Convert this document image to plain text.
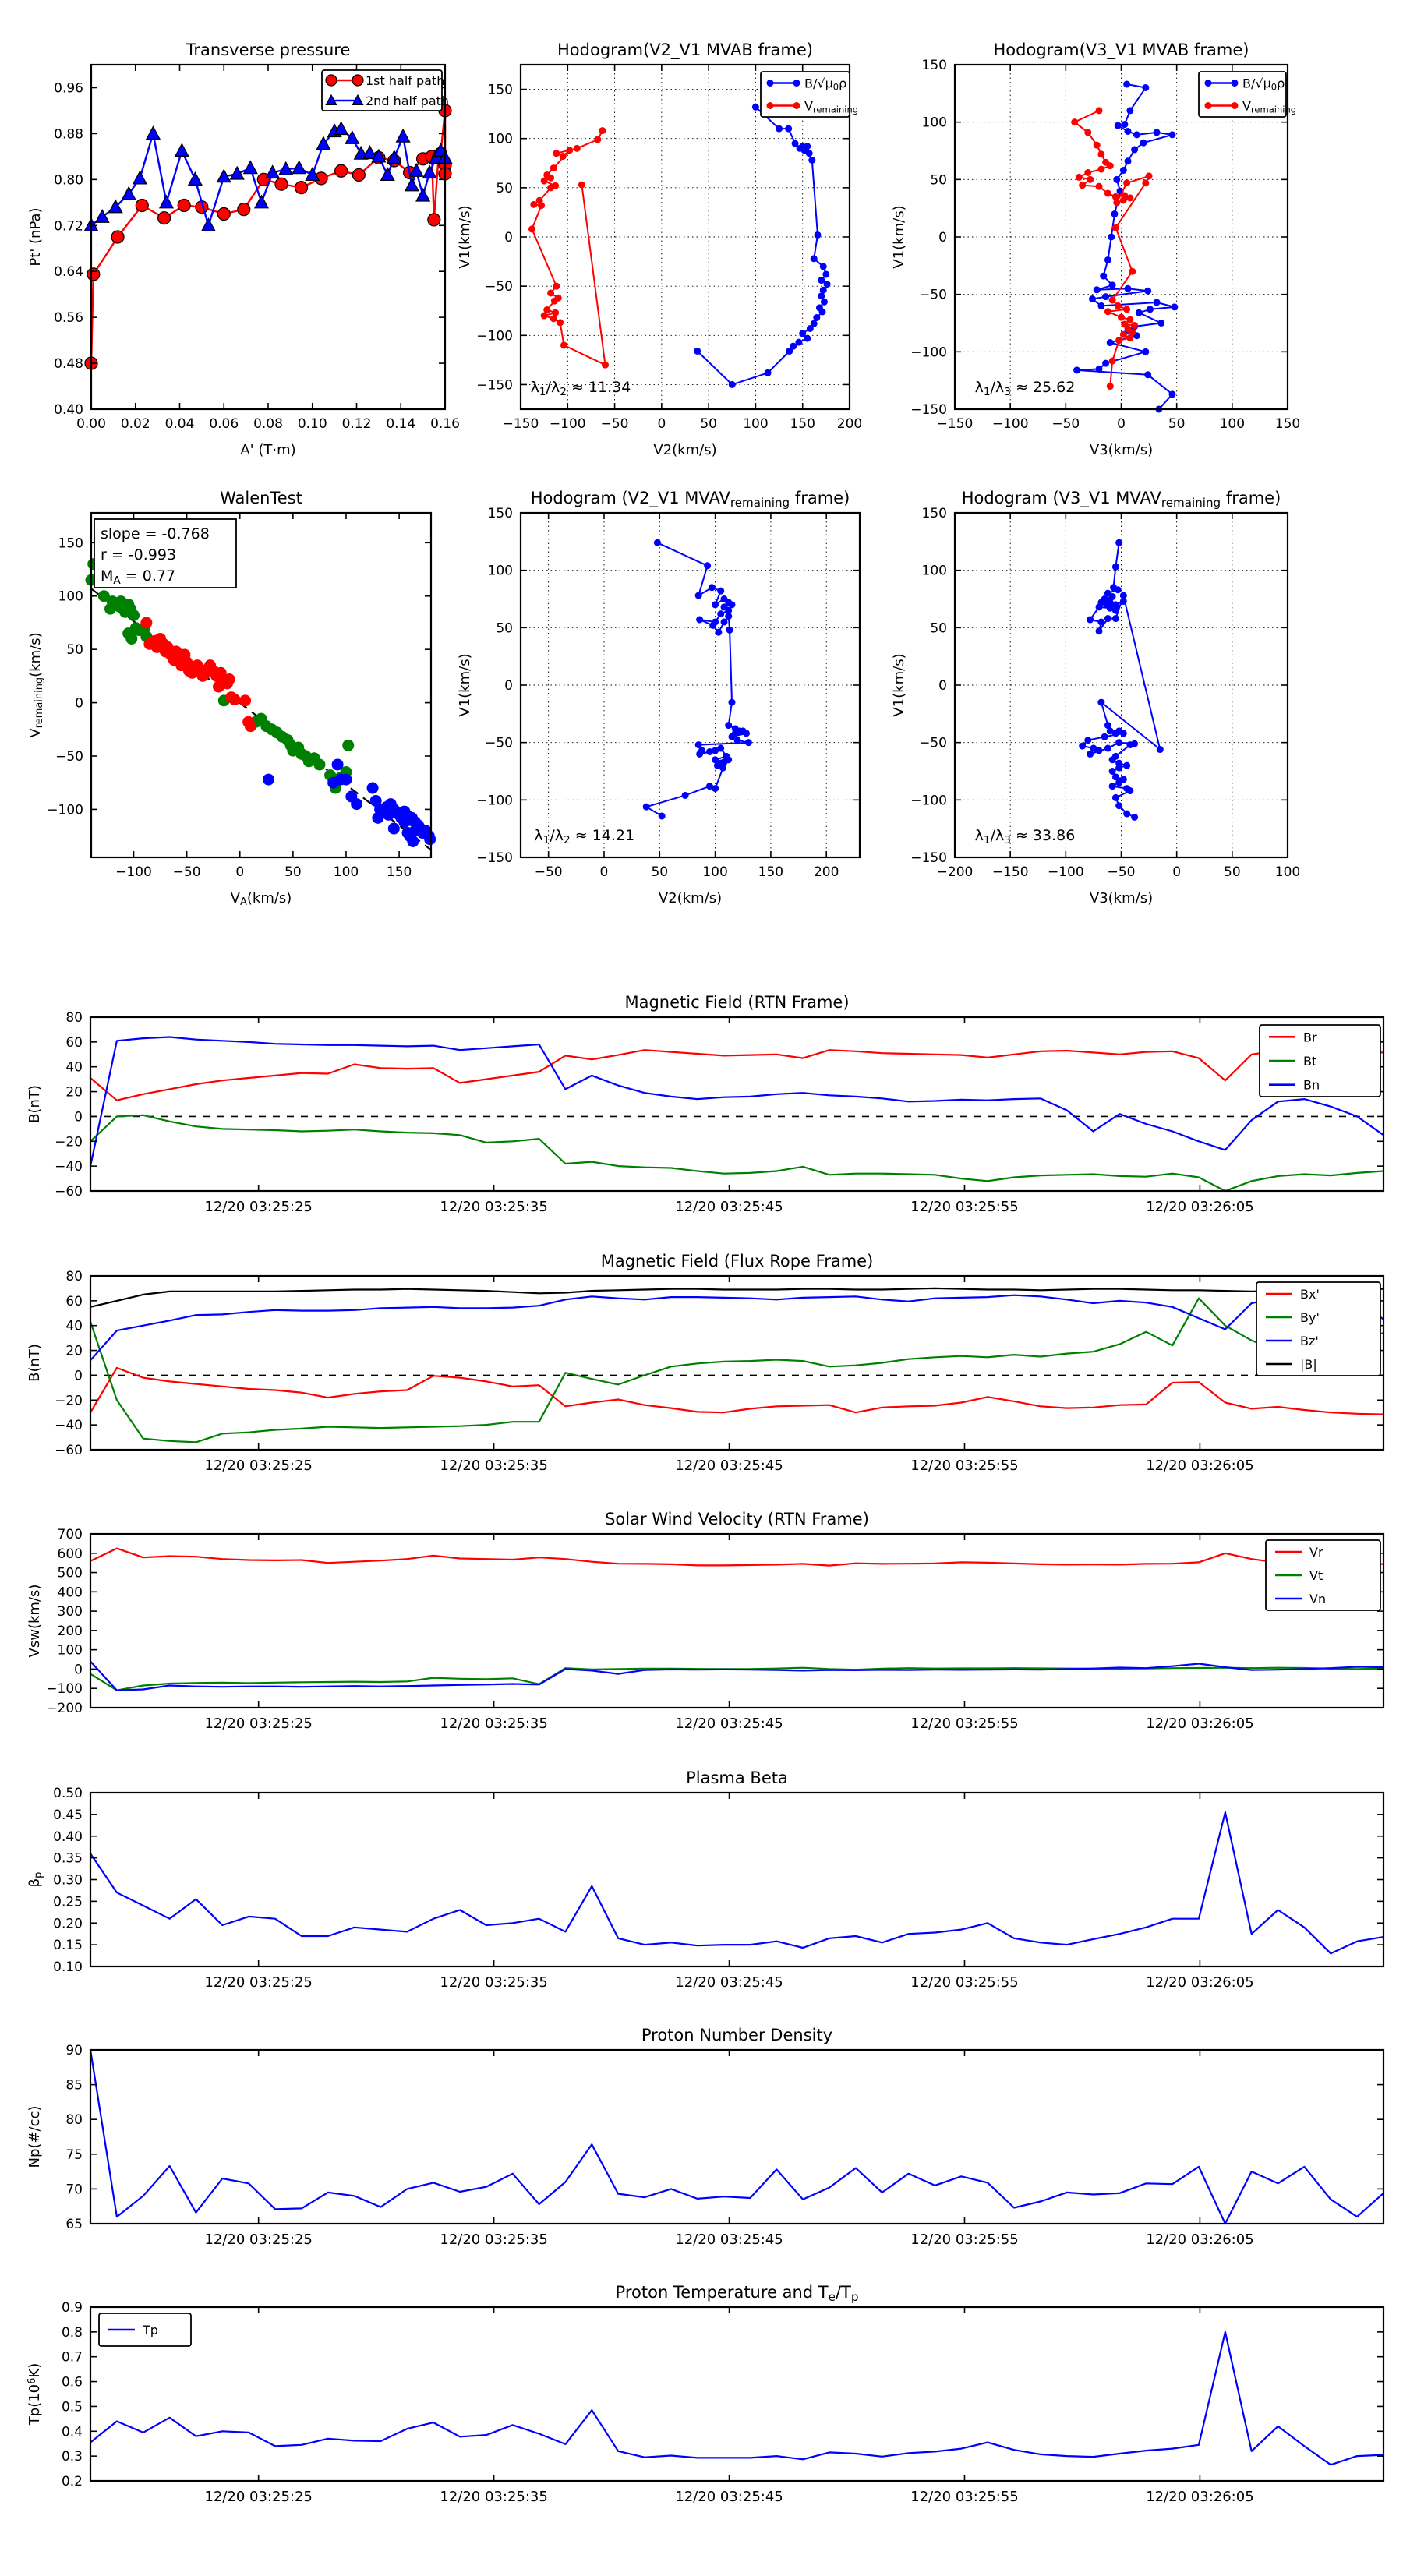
0.00 0.02 0.04 0.06 0.08 0.10 0.12 0.14 0.16
0.40
0.48
0.56
0.64
0.72
0.80
0.88
0.96
Transverse pressure
A' (T·m)
Pt' (nPa)
1st half path
2nd half path
−150 −100 −50 0	50 100 150 200
−150
−100
−50
0
50
100
150
Hodogram(V2_V1 MVAB frame)
V2(km/s)
V1(km/s)
λ1/λ2 ≈ 11.34
B/√μ0ρ
Vremaining
−150 −100 −50	0	50	100 150
−150
−100
−50
0
50
100
150
Hodogram(V3_V1 MVAB frame)
V3(km/s)
V1(km/s)
λ1/λ3 ≈ 25.62
B/√μ0ρ
Vremaining
−100 −50	0	50 100 150
−100
−50
0
50
100
150
WalenTest
VA(km/s)
Vremaining(km/s)
slope = -0.768
r = -0.993
MA = 0.77
−50	0	50	100 150 200
−150
−100
−50
0
50
100
150
Hodogram (V2_V1 MVAVremaining frame)
V2(km/s)
V1(km/s)
λ1/λ2 ≈ 14.21
−200 −150 −100 −50	0	50	100
−150
−100
−50
0
50
100
150
Hodogram (V3_V1 MVAVremaining frame)
V3(km/s)
V1(km/s)
λ1/λ3 ≈ 33.86
−60
−40
−20
0
20
40
60
80
12/20 03:25:25	12/20 03:25:35	12/20 03:25:45	12/20 03:25:55	12/20 03:26:05
Magnetic Field (RTN Frame)
B(nT)
Br
Bt
Bn
−60
−40
−20
0
20
40
60
80
12/20 03:25:25	12/20 03:25:35	12/20 03:25:45	12/20 03:25:55	12/20 03:26:05
Magnetic Field (Flux Rope Frame)
B(nT)
Bx'
By'
Bz'
|B|
−200
−100
0
100
200
300
400
500
600
700
12/20 03:25:25	12/20 03:25:35	12/20 03:25:45	12/20 03:25:55	12/20 03:26:05
Solar Wind Velocity (RTN Frame)
Vsw(km/s)
Vr
Vt
Vn
0.10
0.15
0.20
0.25
0.30
0.35
0.40
0.45
0.50
12/20 03:25:25	12/20 03:25:35	12/20 03:25:45	12/20 03:25:55	12/20 03:26:05
Plasma Beta
βp
65
70
75
80
85
90
12/20 03:25:25	12/20 03:25:35	12/20 03:25:45	12/20 03:25:55	12/20 03:26:05
Proton Number Density
Np(#/cc)
0.2
0.3
0.4
0.5
0.6
0.7
0.8
0.9
12/20 03:25:25	12/20 03:25:35	12/20 03:25:45	12/20 03:25:55	12/20 03:26:05
Proton Temperature and Te/Tp
Tp(106K)
Tp
